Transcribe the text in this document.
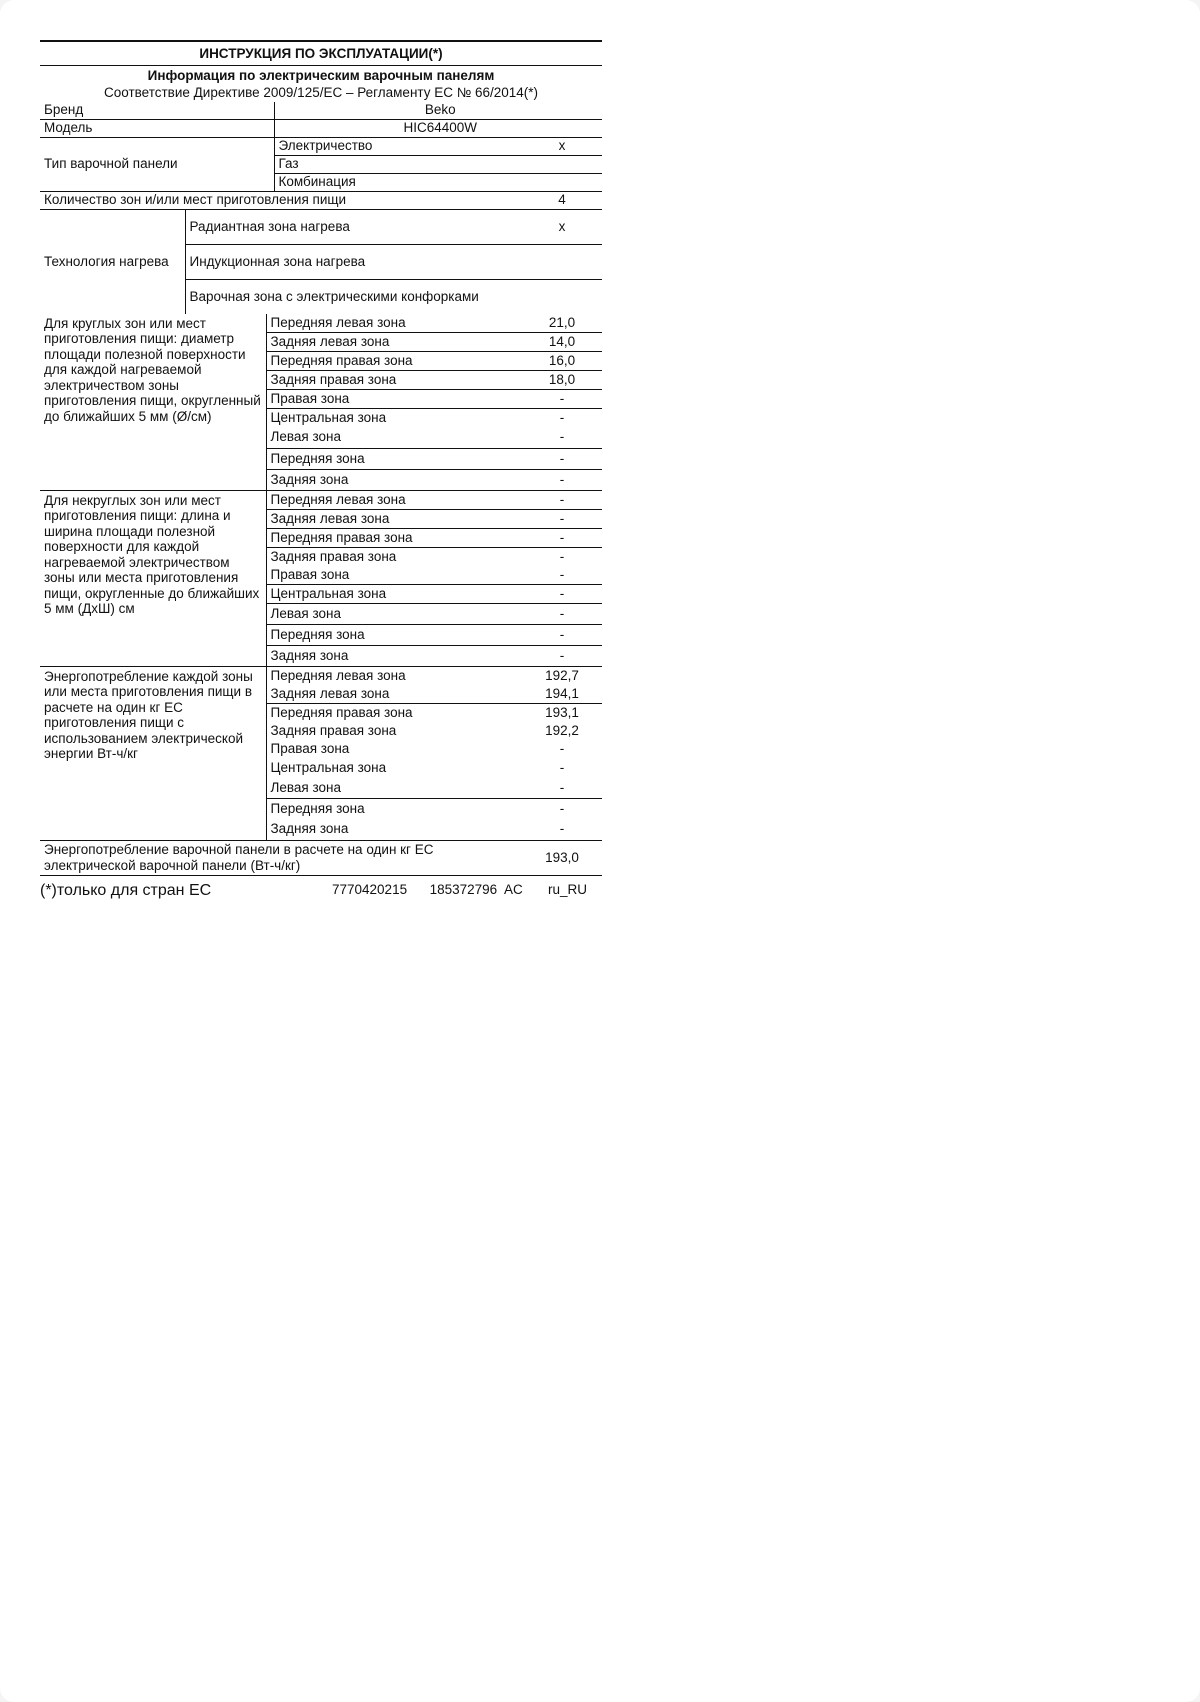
ИНСТРУКЦИЯ ПО ЭКСПЛУАТАЦИИ(*)
Информация по электрическим варочным панелям
Соответствие Директиве 2009/125/EC – Регламенту ЕС № 66/2014(*)
Бренд	Beko	
Модель	HIC64400W	
Тип варочной панели	Электричество	x
	Газ	
	Комбинация	
Количество зон и/или мест приготовления пищи		4
Технология нагрева	Радиантная зона нагрева	x
	Индукционная зона нагрева	
	Варочная зона с электрическими конфорками	
Для круглых зон или мест приготовления пищи: диаметр площади полезной поверхности для каждой нагреваемой электричеством зоны приготовления пищи, округленный до ближайших 5 мм (Ø/см)	Передняя левая зона	21,0
	Задняя левая зона	14,0
	Передняя правая зона	16,0
	Задняя правая зона	18,0
	Правая зона	-
	Центральная зона	-
	Левая зона	-
	Передняя зона	-
	Задняя зона	-
Для некруглых зон или мест приготовления пищи: длина и ширина площади полезной поверхности для каждой нагреваемой электричеством зоны или места приготовления пищи, округленные до ближайших 5 мм (ДхШ) см	Передняя левая зона	-
	Задняя левая зона	-
	Передняя правая зона	-
	Задняя правая зона	-
	Правая зона	-
	Центральная зона	-
	Левая зона	-
	Передняя зона	-
	Задняя зона	-
Энергопотребление каждой зоны или места приготовления пищи в расчете на один кг ЕС приготовления пищи с использованием электрической энергии Вт-ч/кг	Передняя левая зона	192,7
	Задняя левая зона	194,1
	Передняя правая зона	193,1
	Задняя правая зона	192,2
	Правая зона	-
	Центральная зона	-
	Левая зона	-
	Передняя зона	-
	Задняя зона	-
Энергопотребление варочной панели в расчете на один кг ЕС электрической варочной панели (Вт-ч/кг)	193,0
(*)только для стран ЕС	7770420215 185372796 AC ru_RU
